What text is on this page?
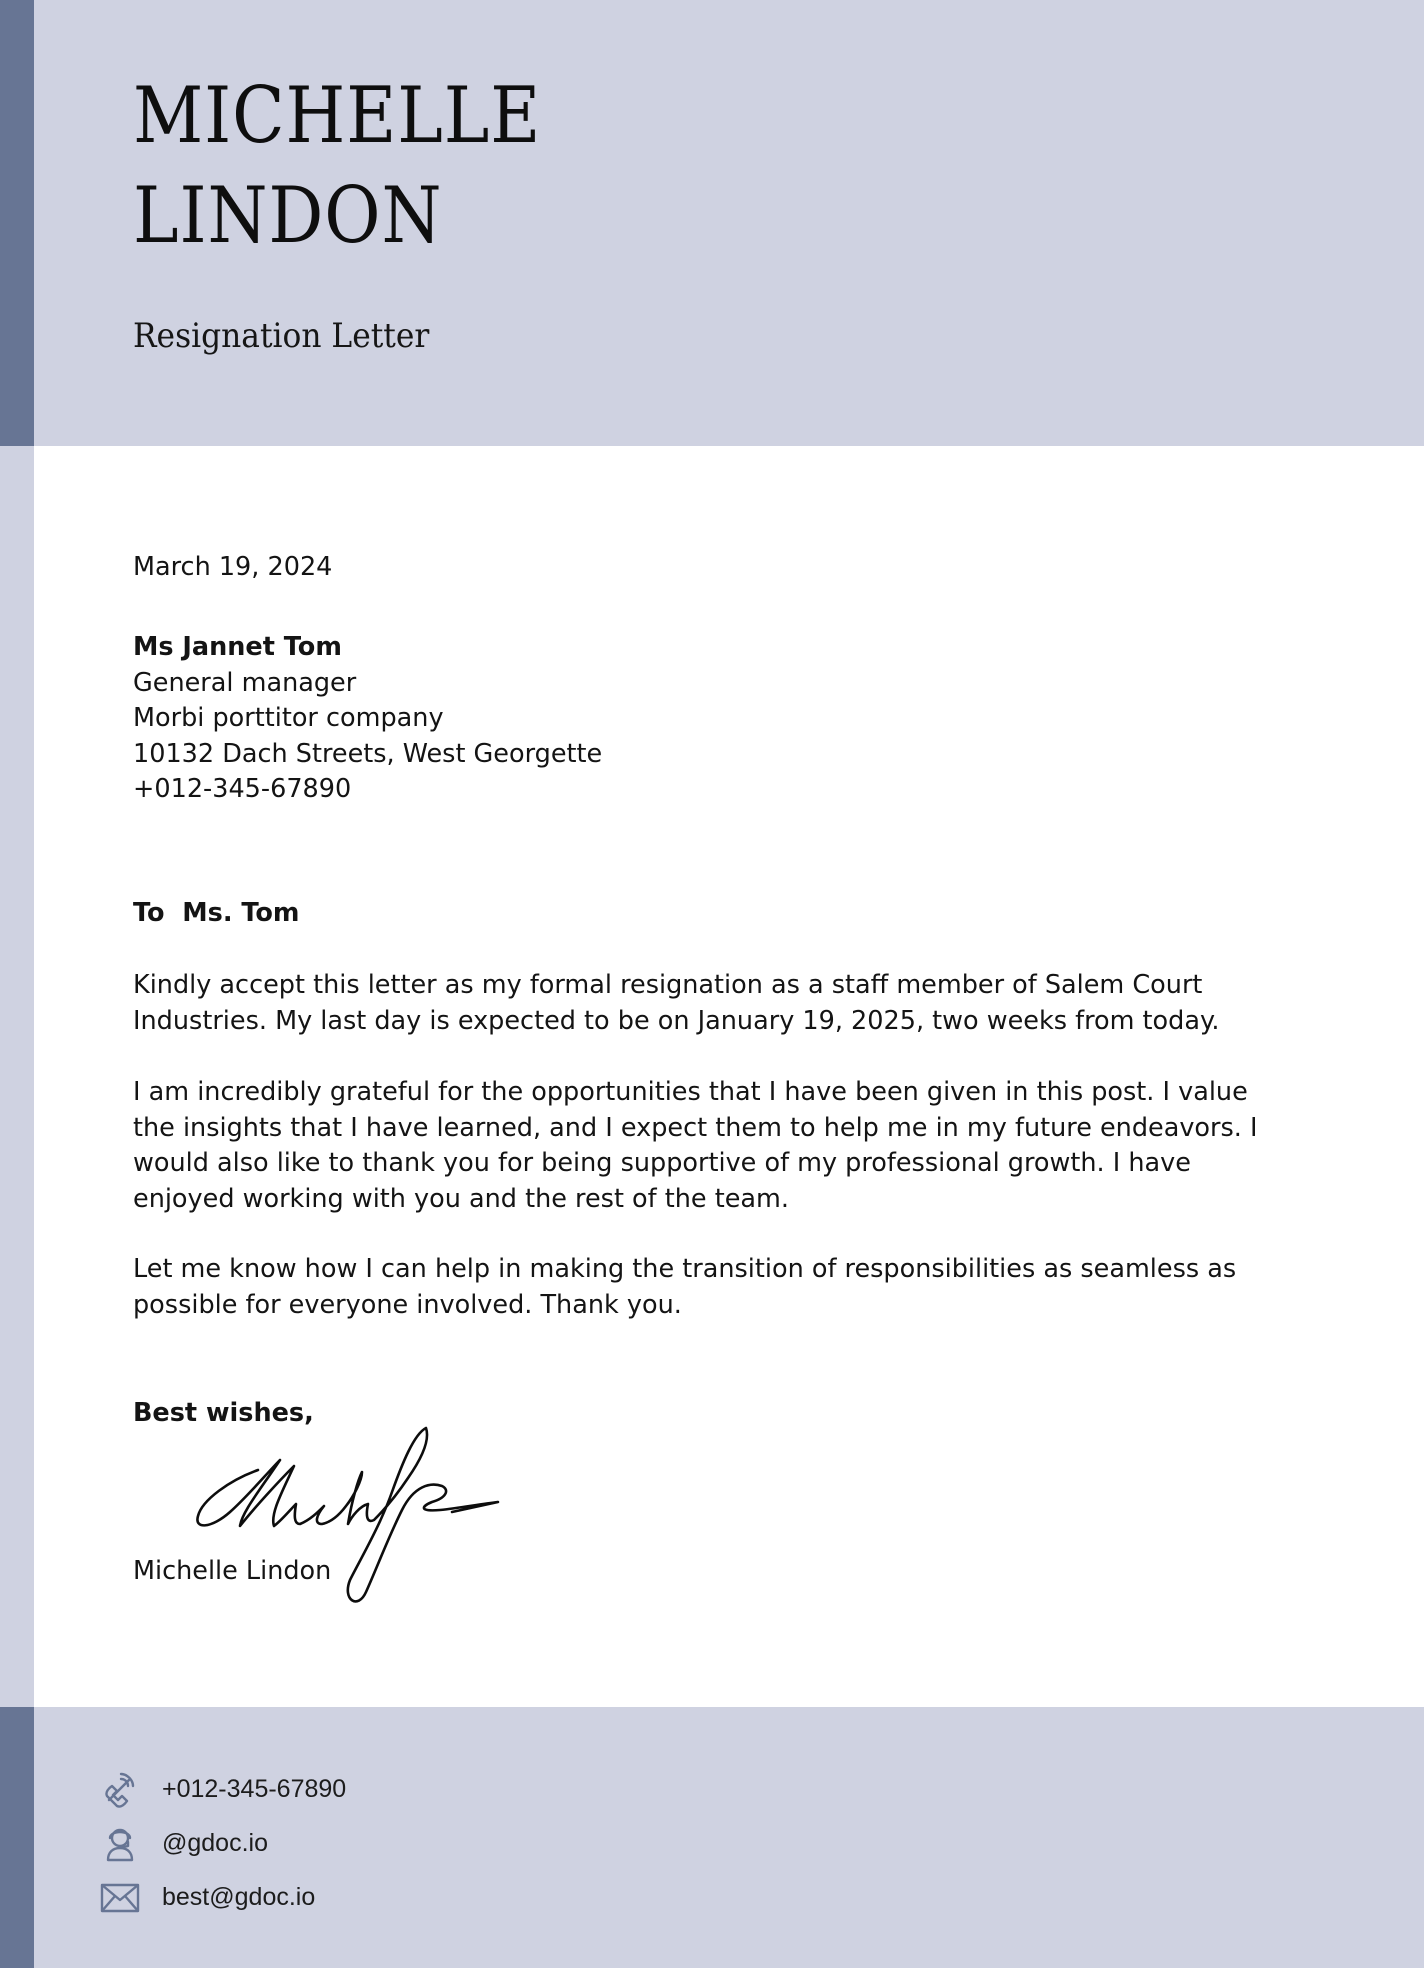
MICHELLE
LINDON
Resignation Letter
March 19, 2024
Ms Jannet Tom
General manager
Morbi porttitor company
10132 Dach Streets, West Georgette
+012-345-67890
To  Ms. Tom

Kindly accept this letter as my formal resignation as a staff member of Salem Court Industries. My last day is expected to be on January 19, 2025, two weeks from today.

I am incredibly grateful for the opportunities that I have been given in this post. I value the insights that I have learned, and I expect them to help me in my future endeavors. I would also like to thank you for being supportive of my professional growth. I have enjoyed working with you and the rest of the team.

Let me know how I can help in making the transition of responsibilities as seamless as possible for everyone involved. Thank you.

Best wishes,
Michelle Lindon
+012-345-67890
@gdoc.io
best@gdoc.io
